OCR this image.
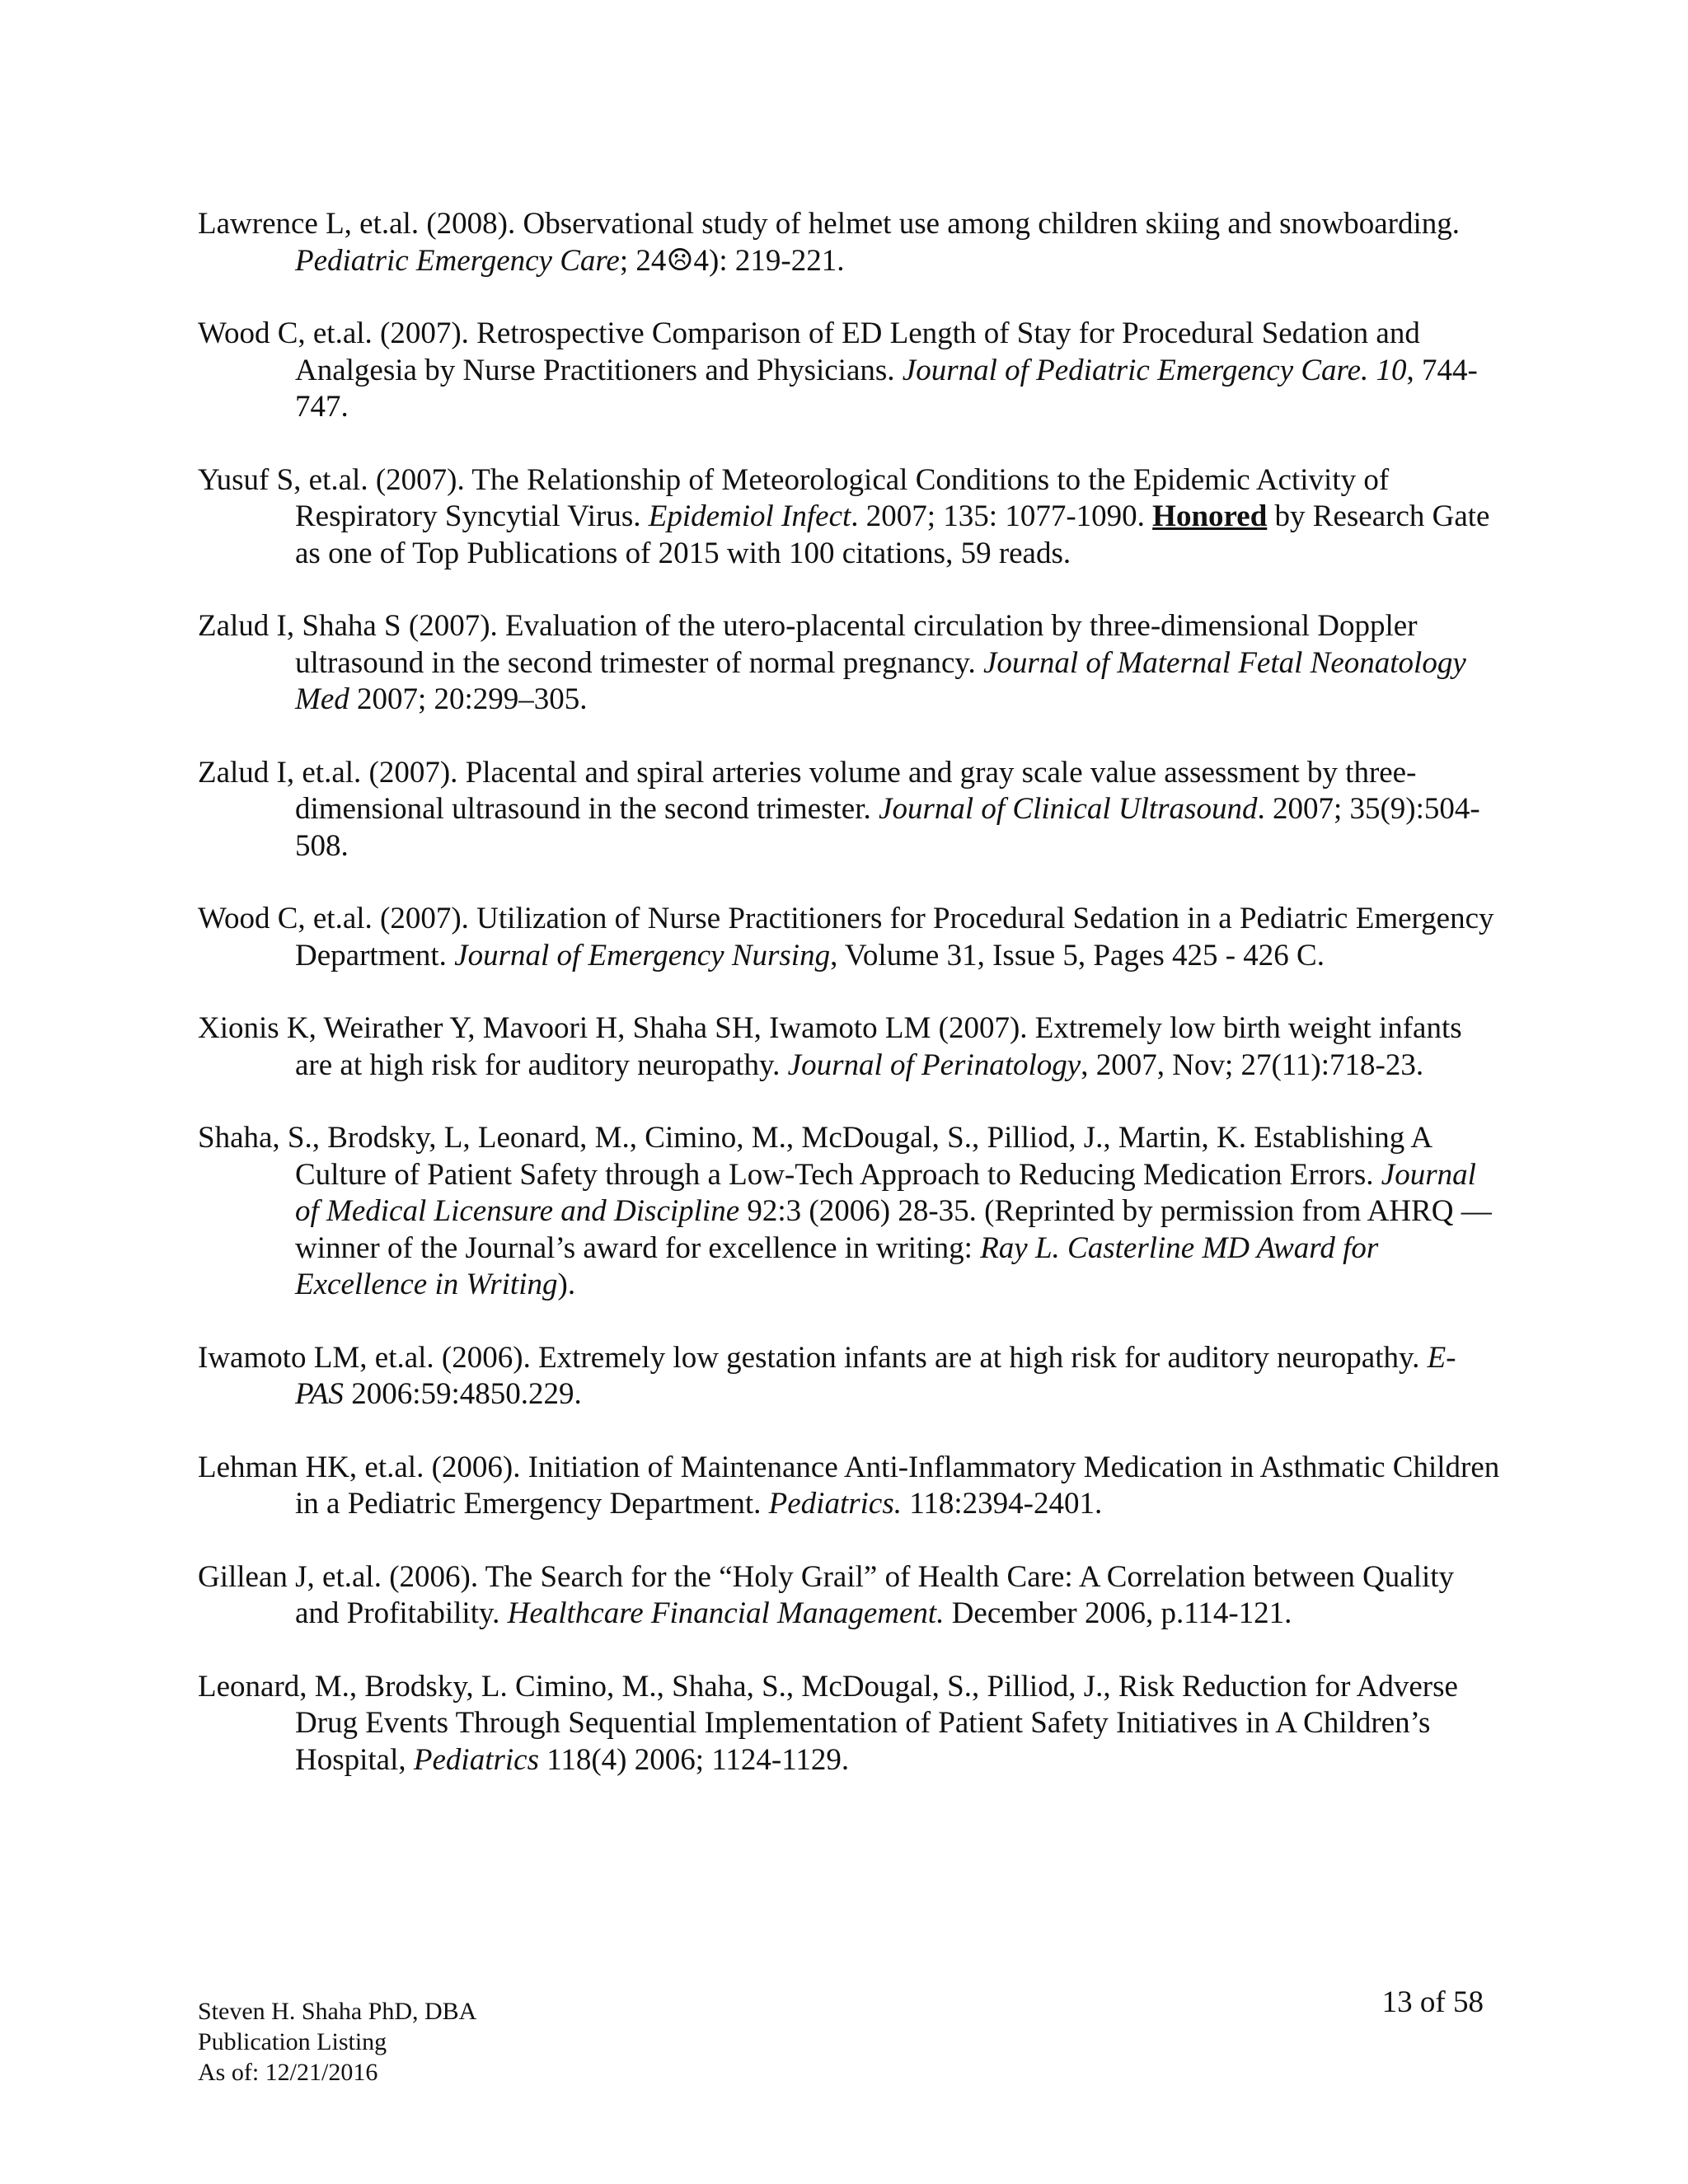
Lawrence L, et.al. (2008). Observational study of helmet use among children skiing and snowboarding. Pediatric Emergency Care; 24☹4): 219-221.

Wood C, et.al. (2007). Retrospective Comparison of ED Length of Stay for Procedural Sedation and Analgesia by Nurse Practitioners and Physicians. Journal of Pediatric Emergency Care. 10, 744-747.

Yusuf S, et.al. (2007). The Relationship of Meteorological Conditions to the Epidemic Activity of Respiratory Syncytial Virus. Epidemiol Infect. 2007; 135: 1077-1090. Honored by Research Gate as one of Top Publications of 2015 with 100 citations, 59 reads.

Zalud I, Shaha S (2007). Evaluation of the utero-placental circulation by three-dimensional Doppler ultrasound in the second trimester of normal pregnancy. Journal of Maternal Fetal Neonatology Med 2007; 20:299–305.

Zalud I, et.al. (2007). Placental and spiral arteries volume and gray scale value assessment by three-dimensional ultrasound in the second trimester. Journal of Clinical Ultrasound. 2007; 35(9):504-508.

Wood C, et.al. (2007). Utilization of Nurse Practitioners for Procedural Sedation in a Pediatric Emergency Department. Journal of Emergency Nursing, Volume 31, Issue 5, Pages 425 - 426 C.

Xionis K, Weirather Y, Mavoori H, Shaha SH, Iwamoto LM (2007). Extremely low birth weight infants are at high risk for auditory neuropathy. Journal of Perinatology, 2007, Nov; 27(11):718-23.

Shaha, S., Brodsky, L, Leonard, M., Cimino, M., McDougal, S., Pilliod, J., Martin, K. Establishing A Culture of Patient Safety through a Low-Tech Approach to Reducing Medication Errors. Journal of Medical Licensure and Discipline 92:3 (2006) 28-35. (Reprinted by permission from AHRQ — winner of the Journal’s award for excellence in writing: Ray L. Casterline MD Award for Excellence in Writing).

Iwamoto LM, et.al. (2006). Extremely low gestation infants are at high risk for auditory neuropathy. E-PAS 2006:59:4850.229.

Lehman HK, et.al. (2006). Initiation of Maintenance Anti-Inflammatory Medication in Asthmatic Children in a Pediatric Emergency Department. Pediatrics. 118:2394-2401.

Gillean J, et.al. (2006). The Search for the “Holy Grail” of Health Care: A Correlation between Quality and Profitability. Healthcare Financial Management. December 2006, p.114-121.

Leonard, M., Brodsky, L. Cimino, M., Shaha, S., McDougal, S., Pilliod, J., Risk Reduction for Adverse Drug Events Through Sequential Implementation of Patient Safety Initiatives in A Children’s Hospital, Pediatrics 118(4) 2006; 1124-1129.

13 of 58
Steven H. Shaha PhD, DBA
Publication Listing
As of: 12/21/2016
